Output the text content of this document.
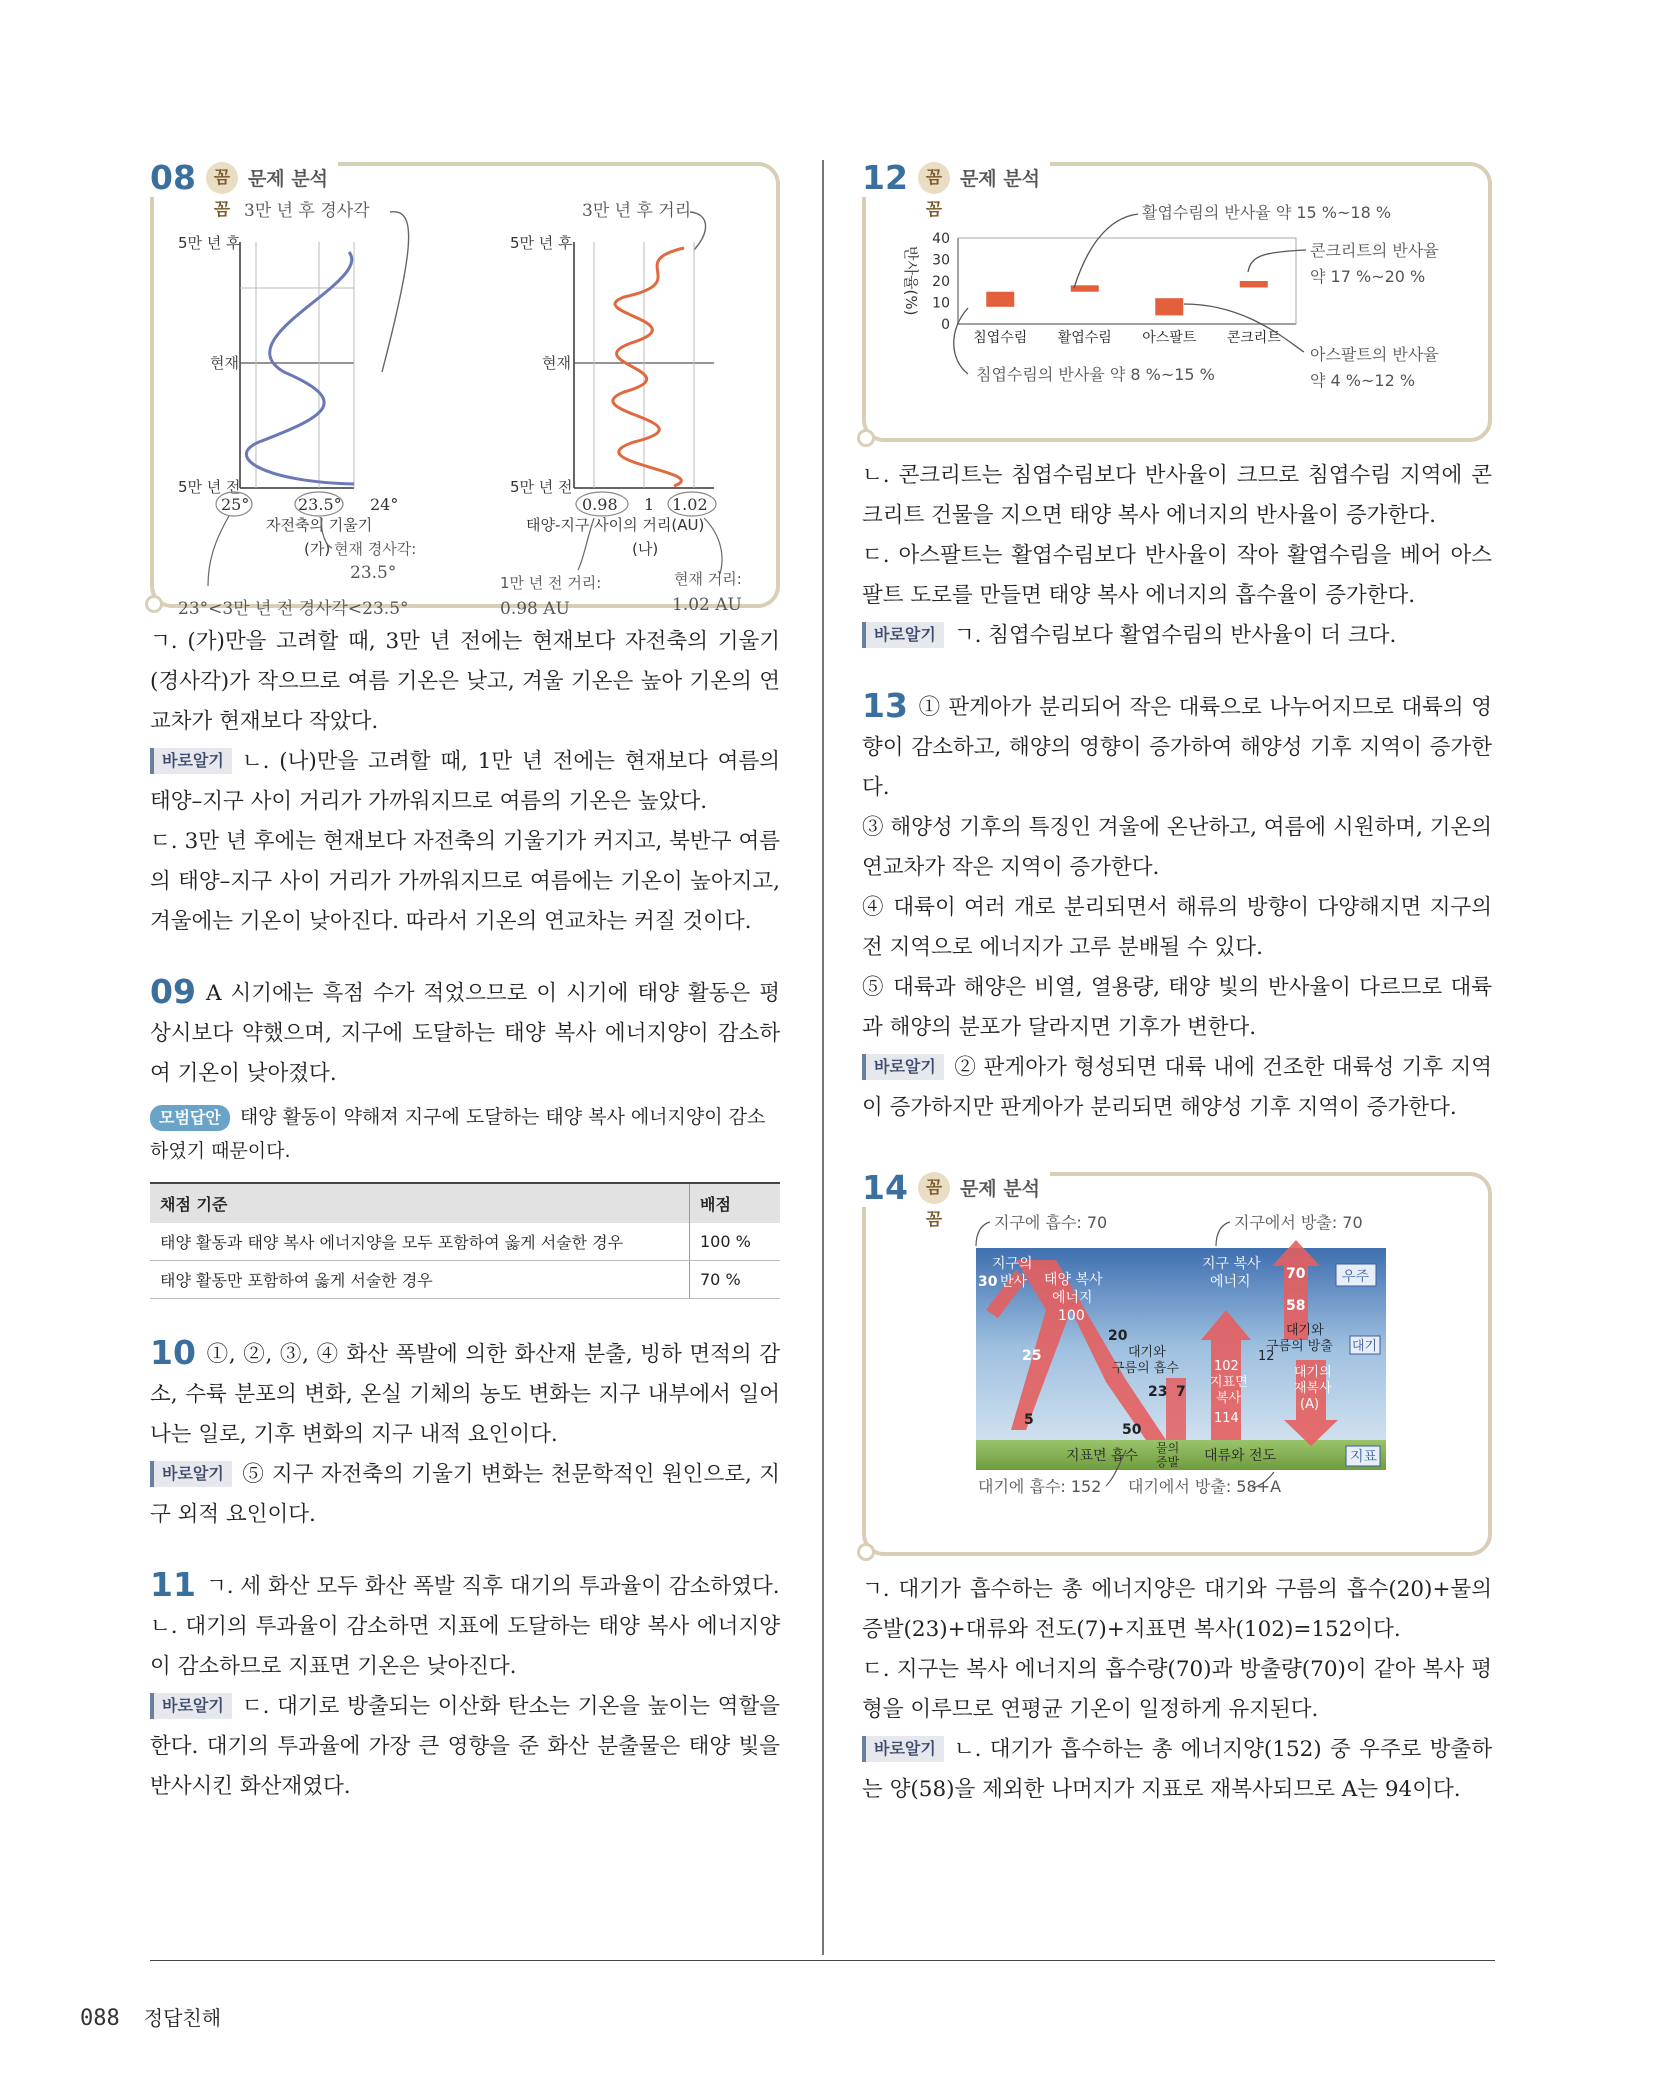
08	꼼꼼
문제 분석
3만 년 후 경사각
5만 년 후
현재
5만 년 전
25°	23.5° 24°
자전축의 기울기
(가) 현재 경사각:
23.5°
23°<3만 년 전 경사각<23.5°
3만 년 후 거리
5만 년 후
현재
5만 년 전
0.98 1 1.02
태양-지구 사이의 거리(AU)
(나)
1만 년 전 거리:
0.98 AU
현재 거리:
1.02 AU

ㄱ. (가)만을 고려할 때, 3만 년 전에는 현재보다 자전축의 기울기(경사각)가 작으므로 여름 기온은 낮고, 겨울 기온은 높아 기온의 연교차가 현재보다 작았다.

바로알기 ㄴ. (나)만을 고려할 때, 1만 년 전에는 현재보다 여름의 태양–지구 사이 거리가 가까워지므로 여름의 기온은 높았다.

ㄷ. 3만 년 후에는 현재보다 자전축의 기울기가 커지고, 북반구 여름의 태양–지구 사이 거리가 가까워지므로 여름에는 기온이 높아지고, 겨울에는 기온이 낮아진다. 따라서 기온의 연교차는 커질 것이다.

09 A 시기에는 흑점 수가 적었으므로 이 시기에 태양 활동은 평상시보다 약했으며, 지구에 도달하는 태양 복사 에너지양이 감소하여 기온이 낮아졌다.

모범답안 태양 활동이 약해져 지구에 도달하는 태양 복사 에너지양이 감소하였기 때문이다.

채점 기준	배점
태양 활동과 태양 복사 에너지양을 모두 포함하여 옳게 서술한 경우	100 %
태양 활동만 포함하여 옳게 서술한 경우	70 %

10 ①, ②, ③, ④ 화산 폭발에 의한 화산재 분출, 빙하 면적의 감소, 수륙 분포의 변화, 온실 기체의 농도 변화는 지구 내부에서 일어나는 일로, 기후 변화의 지구 내적 요인이다.

바로알기 ⑤ 지구 자전축의 기울기 변화는 천문학적인 원인으로, 지구 외적 요인이다.

11 ㄱ. 세 화산 모두 화산 폭발 직후 대기의 투과율이 감소하였다.

ㄴ. 대기의 투과율이 감소하면 지표에 도달하는 태양 복사 에너지양이 감소하므로 지표면 기온은 낮아진다.

바로알기 ㄷ. 대기로 방출되는 이산화 탄소는 기온을 높이는 역할을 한다. 대기의 투과율에 가장 큰 영향을 준 화산 분출물은 태양 빛을 반사시킨 화산재였다.

12	꼼꼼
문제 분석
반사율(%)
0
10
20
30
40
침엽수림 활엽수림 아스팔트 콘크리트
활엽수림의 반사율 약 15 %~18 %
콘크리트의 반사율
약 17 %~20 %
아스팔트의 반사율
약 4 %~12 %
침엽수림의 반사율 약 8 %~15 %

ㄴ. 콘크리트는 침엽수림보다 반사율이 크므로 침엽수림 지역에 콘크리트 건물을 지으면 태양 복사 에너지의 반사율이 증가한다.

ㄷ. 아스팔트는 활엽수림보다 반사율이 작아 활엽수림을 베어 아스팔트 도로를 만들면 태양 복사 에너지의 흡수율이 증가한다.

바로알기 ㄱ. 침엽수림보다 활엽수림의 반사율이 더 크다.

13 ① 판게아가 분리되어 작은 대륙으로 나누어지므로 대륙의 영향이 감소하고, 해양의 영향이 증가하여 해양성 기후 지역이 증가한다.

③ 해양성 기후의 특징인 겨울에 온난하고, 여름에 시원하며, 기온의 연교차가 작은 지역이 증가한다.

④ 대륙이 여러 개로 분리되면서 해류의 방향이 다양해지면 지구의 전 지역으로 에너지가 고루 분배될 수 있다.

⑤ 대륙과 해양은 비열, 열용량, 태양 빛의 반사율이 다르므로 대륙과 해양의 분포가 달라지면 기후가 변한다.

바로알기 ② 판게아가 형성되면 대륙 내에 건조한 대륙성 기후 지역이 증가하지만 판게아가 분리되면 해양성 기후 지역이 증가한다.

14	꼼꼼
문제 분석
지구에 흡수: 70	지구에서 방출: 70
지구의
30 반사 태양 복사
에너지
100
지구 복사
에너지	70	우주
58
대기와
구름의 방출 대기
12
25
20
대기와
구름의 흡수
23 7
102
지표면
복사
114
대기의
재복사
(A)
5
50
지표면 흡수 물의
증발 대류와 전도	지표
대기에 흡수: 152 대기에서 방출: 58+A

ㄱ. 대기가 흡수하는 총 에너지양은 대기와 구름의 흡수(20)+물의 증발(23)+대류와 전도(7)+지표면 복사(102)=152이다.

ㄷ. 지구는 복사 에너지의 흡수량(70)과 방출량(70)이 같아 복사 평형을 이루므로 연평균 기온이 일정하게 유지된다.

바로알기 ㄴ. 대기가 흡수하는 총 에너지양(152) 중 우주로 방출하는 양(58)을 제외한 나머지가 지표로 재복사되므로 A는 94이다.

088 정답친해
